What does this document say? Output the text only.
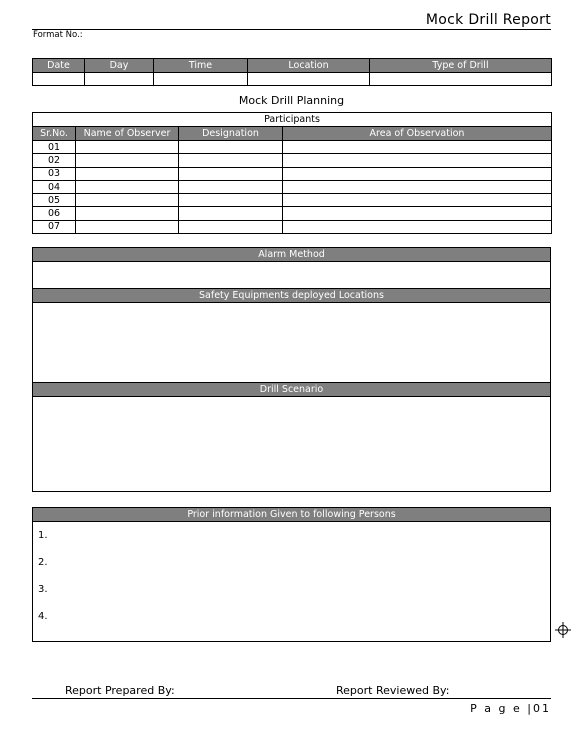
Mock Drill Report
Format No.:
Date	Day	Time	Location	Type of Drill

Mock Drill Planning
Participants			
Sr.No.	Name of Observer	Designation	Area of Observation
01			
02			
03			
04			
05			
06			
07			
Alarm Method
Safety Equipments deployed Locations
Drill Scenario
Prior information Given to following Persons
1.
2.
3.
4.
Report Prepared By:	Report Reviewed By:
P a g e |01
